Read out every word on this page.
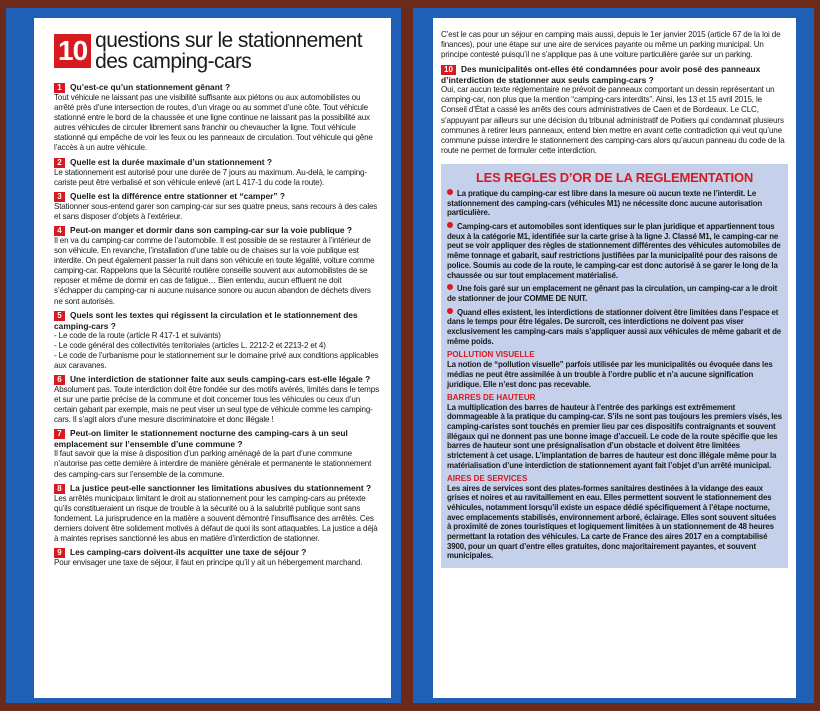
10 questions sur le stationnement
des camping-cars

1 Qu’est-ce qu’un stationnement gênant ?

Tout véhicule ne laissant pas une visibilité suffisante aux piétons ou aux automobilistes ou arrêté près d’une intersection de routes, d’un virage ou au sommet d’une côte. Tout véhicule stationné entre le bord de la chaussée et une ligne continue ne laissant pas la possibilité aux autres véhicules de circuler librement sans franchir ou chevaucher la ligne. Tout véhicule stationné qui empêche de voir les feux ou les panneaux de circulation. Tout véhicule qui gêne l’accès à un autre véhicule.

2 Quelle est la durée maximale d’un stationnement ?

Le stationnement est autorisé pour une durée de 7 jours au maximum. Au-delà, le camping-cariste peut être verbalisé et son véhicule enlevé (art L 417-1 du code la route).

3 Quelle est la différence entre stationner et “camper” ?

Stationner sous-entend garer son camping-car sur ses quatre pneus, sans recours à des cales et sans disposer d’objets à l’extérieur.

4 Peut-on manger et dormir dans son camping-car sur la voie publique ?

Il en va du camping-car comme de l’automobile. Il est possible de se restaurer à l’intérieur de son véhicule. En revanche, l’installation d’une table ou de chaises sur la voie publique est interdite. On peut également passer la nuit dans son véhicule en toute légalité, voiture comme camping-car. Rappelons que la Sécurité routière conseille souvent aux automobilistes de se reposer et même de dormir en cas de fatigue… Bien entendu, aucun effluent ne doit s’échapper du camping-car ni aucune nuisance sonore ou aucun abandon de déchets divers ne sont autorisés.

5 Quels sont les textes qui régissent la circulation et le stationnement des camping-cars ?

- Le code de la route (article R 417-1 et suivants)
- Le code général des collectivités territoriales (articles L. 2212-2 et 2213-2 et 4)
- Le code de l’urbanisme pour le stationnement sur le domaine privé aux conditions applicables aux caravanes.

6 Une interdiction de stationner faite aux seuls camping-cars est-elle légale ?

Absolument pas. Toute interdiction doit être fondée sur des motifs avérés, limités dans le temps et sur une partie précise de la commune et doit concerner tous les véhicules ou ceux d’un certain gabarit par exemple, mais ne peut viser un seul type de véhicule comme les camping-cars. Il s’agit alors d’une mesure discriminatoire et donc illégale !

7 Peut-on limiter le stationnement nocturne des camping-cars à un seul emplacement sur l’ensemble d’une commune ?

Il faut savoir que la mise à disposition d’un parking aménagé de la part d’une commune n’autorise pas cette dernière à interdire de manière générale et permanente le stationnement des camping-cars sur l’ensemble de la commune.

8 La justice peut-elle sanctionner les limitations abusives du stationnement ?

Les arrêtés municipaux limitant le droit au stationnement pour les camping-cars au prétexte qu’ils constitueraient un risque de trouble à la sécurité ou à la salubrité publique sont sans fondement. La jurisprudence en la matière a souvent démontré l’insuffisance des arrêtés. Ces derniers doivent être solidement motivés à défaut de quoi ils sont attaquables. La justice a déjà à maintes reprises sanctionné les abus en matière d’interdiction de stationner.

9 Les camping-cars doivent-ils acquitter une taxe de séjour ?

Pour envisager une taxe de séjour, il faut en principe qu’il y ait un hébergement marchand.

C’est le cas pour un séjour en camping mais aussi, depuis le 1er janvier 2015 (article 67 de la loi de finances), pour une étape sur une aire de services payante ou même un parking municipal. Un principe contesté puisqu’il ne s’applique pas à une voiture particulière garée sur un parking.

10 Des municipalités ont-elles été condamnées pour avoir posé des panneaux d’interdiction de stationner aux seuls camping-cars ?

Oui, car aucun texte réglementaire ne prévoit de panneaux comportant un dessin représentant un camping-car, non plus que la mention “camping-cars interdits”. Ainsi, les 13 et 15 avril 2015, le Conseil d’État a cassé les arrêts des cours administratives de Caen et de Bordeaux. Le CLC, s’appuyant par ailleurs sur une décision du tribunal administratif de Poitiers qui condamnait plusieurs communes à retirer leurs panneaux, entend bien mettre en avant cette contradiction qui veut qu’une commune puisse interdire le stationnement des camping-cars alors qu’aucun panneau du code de la route ne permet de formuler cette interdiction.

LES REGLES D’OR DE LA REGLEMENTATION

La pratique du camping-car est libre dans la mesure où aucun texte ne l’interdit. Le stationnement des camping-cars (véhicules M1) ne nécessite donc aucune autorisation particulière.

Camping-cars et automobiles sont identiques sur le plan juridique et appartiennent tous deux à la catégorie M1, identifiée sur la carte grise à la ligne J. Classé M1, le camping-car ne peut se voir appliquer des règles de stationnement différentes des véhicules automobiles de même tonnage et gabarit, sauf restrictions justifiées par la municipalité pour des raisons de police. Soumis au code de la route, le camping-car est donc autorisé à se garer le long de la chaussée ou sur tout emplacement matérialisé.

Une fois garé sur un emplacement ne gênant pas la circulation, un camping-car a le droit de stationner de jour COMME DE NUIT.

Quand elles existent, les interdictions de stationner doivent être limitées dans l’espace et dans le temps pour être légales. De surcroît, ces interdictions ne doivent pas viser exclusivement les camping-cars mais s’appliquer aussi aux véhicules de même gabarit et de même poids.

POLLUTION VISUELLE

La notion de “pollution visuelle” parfois utilisée par les municipalités ou évoquée dans les médias ne peut être assimilée à un trouble à l’ordre public et n’a aucune signification juridique. Elle n’est donc pas recevable.

BARRES DE HAUTEUR

La multiplication des barres de hauteur à l’entrée des parkings est extrêmement dommageable à la pratique du camping-car. S’ils ne sont pas toujours les premiers visés, les camping-caristes sont touchés en premier lieu par ces dispositifs contraignants et souvent illégaux qui ne donnent pas une bonne image d’accueil. Le code de la route spécifie que les barres de hauteur sont une présignalisation d’un obstacle et doivent être limitées strictement à cet usage. L’implantation de barres de hauteur est donc illégale même pour la matérialisation d’une interdiction de stationnement ayant fait l’objet d’un arrêté municipal.

AIRES DE SERVICES

Les aires de services sont des plates-formes sanitaires destinées à la vidange des eaux grises et noires et au ravitaillement en eau. Elles permettent souvent le stationnement des véhicules, notamment lorsqu’il existe un espace dédié spécifiquement à l’étape nocturne, avec emplacements stabilisés, environnement arboré, éclairage. Elles sont souvent situées à proximité de zones touristiques et logiquement limitées à un stationnement de 48 heures permettant la rotation des véhicules. La carte de France des aires 2017 en a comptabilisé 3900, pour un quart d’entre elles gratuites, donc majoritairement payantes, et souvent municipales.
